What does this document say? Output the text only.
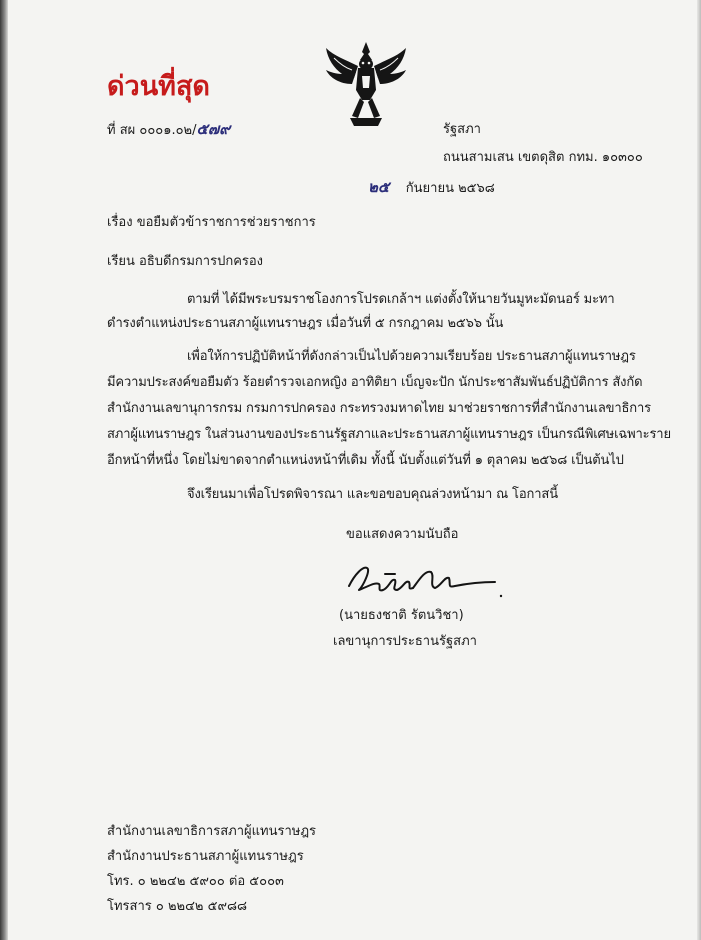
ด่วนที่สุด
ที่ สผ ๐๐๐๑.๐๒/๕๗๙	รัฐสภา
ถนนสามเสน เขตดุสิต กทม. ๑๐๓๐๐
๒๕ กันยายน ๒๕๖๘
เรื่อง ขอยืมตัวข้าราชการช่วยราชการ
เรียน อธิบดีกรมการปกครอง
ตามที่ ได้มีพระบรมราชโองการโปรดเกล้าฯ แต่งตั้งให้นายวันมูหะมัดนอร์ มะทา
ดำรงตำแหน่งประธานสภาผู้แทนราษฎร เมื่อวันที่ ๕ กรกฎาคม ๒๕๖๖ นั้น
เพื่อให้การปฏิบัติหน้าที่ดังกล่าวเป็นไปด้วยความเรียบร้อย ประธานสภาผู้แทนราษฎร
มีความประสงค์ขอยืมตัว ร้อยตำรวจเอกหญิง อาทิติยา เบ็ญจะปัก นักประชาสัมพันธ์ปฏิบัติการ สังกัด
สำนักงานเลขานุการกรม กรมการปกครอง กระทรวงมหาดไทย มาช่วยราชการที่สำนักงานเลขาธิการ
สภาผู้แทนราษฎร ในส่วนงานของประธานรัฐสภาและประธานสภาผู้แทนราษฎร เป็นกรณีพิเศษเฉพาะราย
อีกหน้าที่หนึ่ง โดยไม่ขาดจากตำแหน่งหน้าที่เดิม ทั้งนี้ นับตั้งแต่วันที่ ๑ ตุลาคม ๒๕๖๘ เป็นต้นไป
จึงเรียนมาเพื่อโปรดพิจารณา และขอขอบคุณล่วงหน้ามา ณ โอกาสนี้
ขอแสดงความนับถือ
(นายธงชาติ รัตนวิชา)
เลขานุการประธานรัฐสภา
สำนักงานเลขาธิการสภาผู้แทนราษฎร
สำนักงานประธานสภาผู้แทนราษฎร
โทร. ๐ ๒๒๔๒ ๕๙๐๐ ต่อ ๕๐๐๓
โทรสาร ๐ ๒๒๔๒ ๕๙๘๘
